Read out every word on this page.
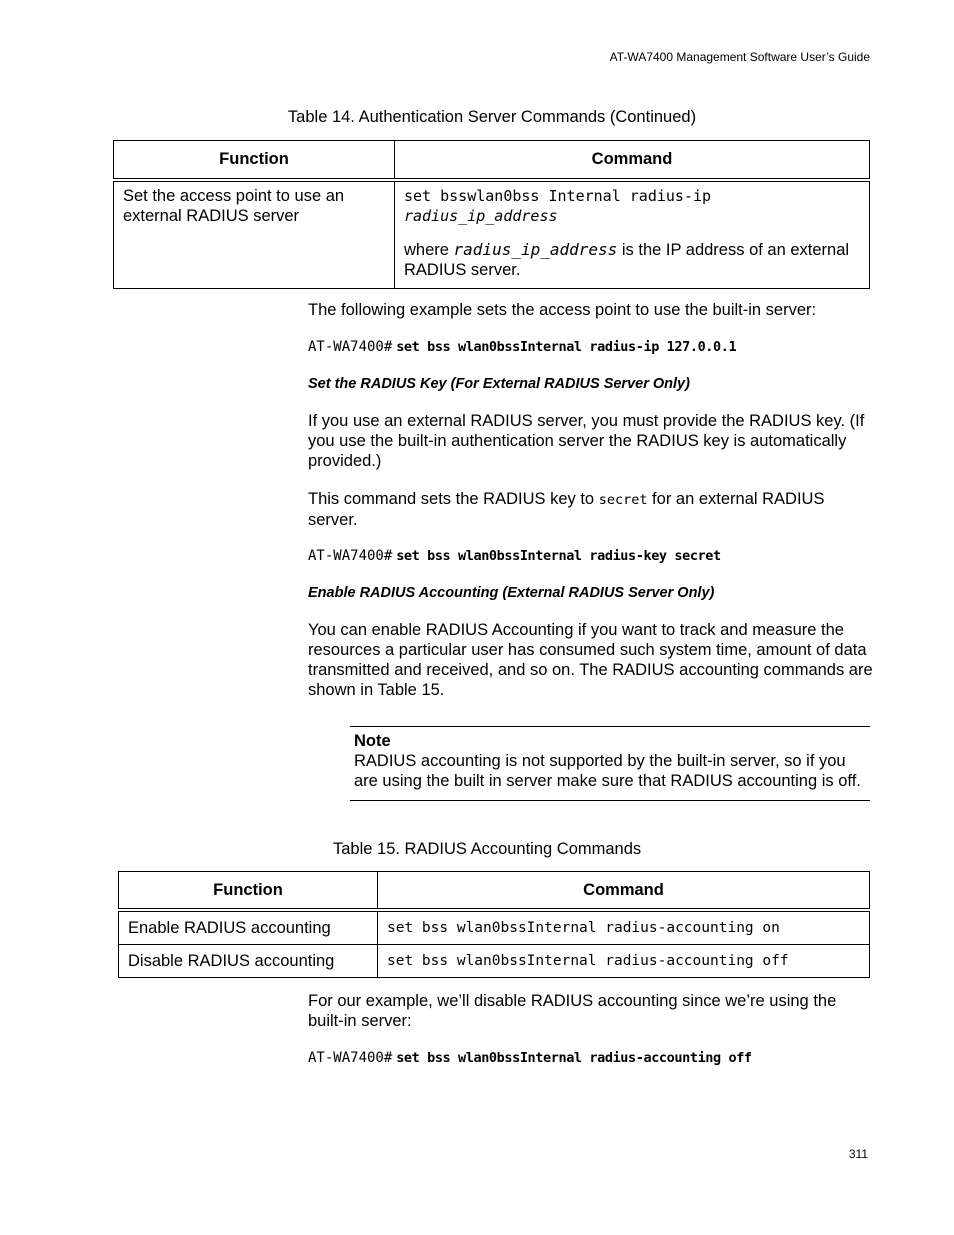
AT-WA7400 Management Software User’s Guide
Table 14. Authentication Server Commands (Continued)
Function	Command
Set the access point to use an external RADIUS server	set bsswlan0bss Internal radius-ip
radius_ip_address
where radius_ip_address is the IP address of an external RADIUS server.
The following example sets the access point to use the built-in server:
AT-WA7400# set bss wlan0bssInternal radius-ip 127.0.0.1
Set the RADIUS Key (For External RADIUS Server Only)
If you use an external RADIUS server, you must provide the RADIUS key. (If you use the built-in authentication server the RADIUS key is automatically provided.)
This command sets the RADIUS key to secret for an external RADIUS server.
AT-WA7400# set bss wlan0bssInternal radius-key secret
Enable RADIUS Accounting (External RADIUS Server Only)
You can enable RADIUS Accounting if you want to track and measure the resources a particular user has consumed such system time, amount of data transmitted and received, and so on. The RADIUS accounting commands are shown in Table 15.
Note
RADIUS accounting is not supported by the built-in server, so if you are using the built in server make sure that RADIUS accounting is off.
Table 15. RADIUS Accounting Commands
Function	Command
Enable RADIUS accounting	set bss wlan0bssInternal radius-accounting on
Disable RADIUS accounting	set bss wlan0bssInternal radius-accounting off
For our example, we’ll disable RADIUS accounting since we’re using the built-in server:
AT-WA7400# set bss wlan0bssInternal radius-accounting off
311
